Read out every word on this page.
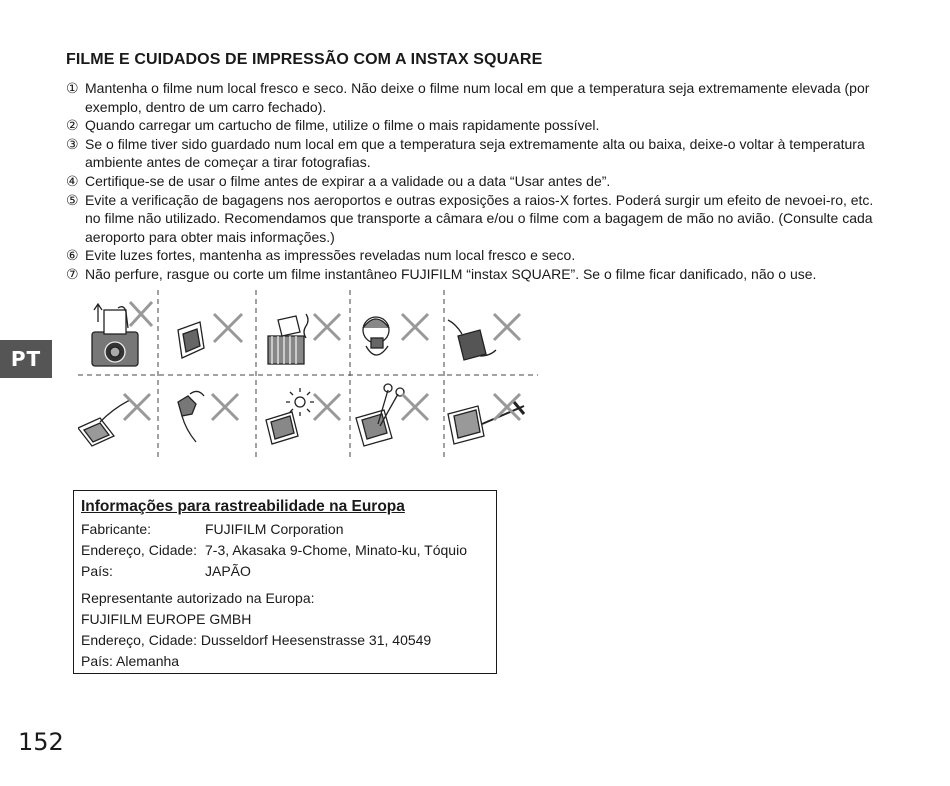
FILME E CUIDADOS DE IMPRESSÃO COM A INSTAX SQUARE
① Mantenha o filme num local fresco e seco. Não deixe o filme num local em que a temperatura seja extremamente elevada (por exemplo, dentro de um carro fechado).
② Quando carregar um cartucho de filme, utilize o filme o mais rapidamente possível.
③ Se o filme tiver sido guardado num local em que a temperatura seja extremamente alta ou baixa, deixe-o voltar à temperatura ambiente antes de começar a tirar fotografias.
④ Certifique-se de usar o filme antes de expirar a a validade ou a data “Usar antes de”.
⑤ Evite a verificação de bagagens nos aeroportos e outras exposições a raios-X fortes. Poderá surgir um efeito de nevoei-ro, etc. no filme não utilizado. Recomendamos que transporte a câmara e/ou o filme com a bagagem de mão no avião. (Consulte cada aeroporto para obter mais informações.)
⑥ Evite luzes fortes, mantenha as impressões reveladas num local fresco e seco.
⑦ Não perfure, rasgue ou corte um filme instantâneo FUJIFILM “instax SQUARE”. Se o filme ficar danificado, não o use.
PT
Informações para rastreabilidade na Europa
Fabricante:	FUJIFILM Corporation
Endereço, Cidade: 7-3, Akasaka 9-Chome, Minato-ku, Tóquio
País:	JAPÃO
Representante autorizado na Europa:
FUJIFILM EUROPE GMBH
Endereço, Cidade: Dusseldorf Heesenstrasse 31, 40549
País: Alemanha
152
